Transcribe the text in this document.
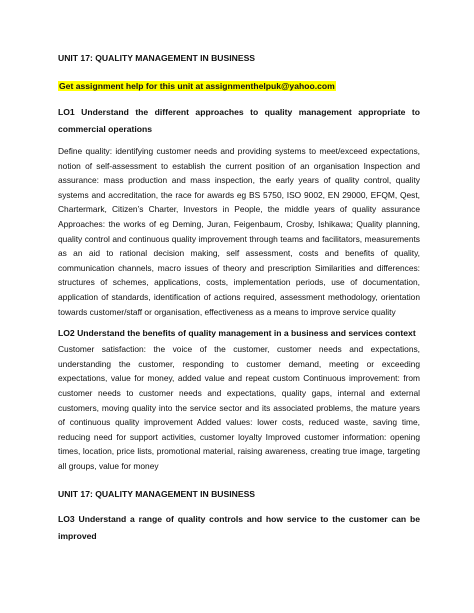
UNIT 17: QUALITY MANAGEMENT IN BUSINESS

Get assignment help for this unit at assignmenthelpuk@yahoo.com

LO1 Understand the different approaches to quality management appropriate to commercial operations

Define quality: identifying customer needs and providing systems to meet/exceed expectations, notion of self-assessment to establish the current position of an organisation Inspection and assurance: mass production and mass inspection, the early years of quality control, quality systems and accreditation, the race for awards eg BS 5750, ISO 9002, EN 29000, EFQM, Qest, Chartermark, Citizen’s Charter, Investors in People, the middle years of quality assurance Approaches: the works of eg Deming, Juran, Feigenbaum, Crosby, Ishikawa; Quality planning, quality control and continuous quality improvement through teams and facilitators, measurements as an aid to rational decision making, self assessment, costs and benefits of quality, communication channels, macro issues of theory and prescription Similarities and differences: structures of schemes, applications, costs, implementation periods, use of documentation, application of standards, identification of actions required, assessment methodology, orientation towards customer/staff or organisation, effectiveness as a means to improve service quality

LO2 Understand the benefits of quality management in a business and services context

Customer satisfaction: the voice of the customer, customer needs and expectations, understanding the customer, responding to customer demand, meeting or exceeding expectations, value for money, added value and repeat custom Continuous improvement: from customer needs to customer needs and expectations, quality gaps, internal and external customers, moving quality into the service sector and its associated problems, the mature years of continuous quality improvement Added values: lower costs, reduced waste, saving time, reducing need for support activities, customer loyalty Improved customer information: opening times, location, price lists, promotional material, raising awareness, creating true image, targeting all groups, value for money

UNIT 17: QUALITY MANAGEMENT IN BUSINESS

LO3 Understand a range of quality controls and how service to the customer can be improved
